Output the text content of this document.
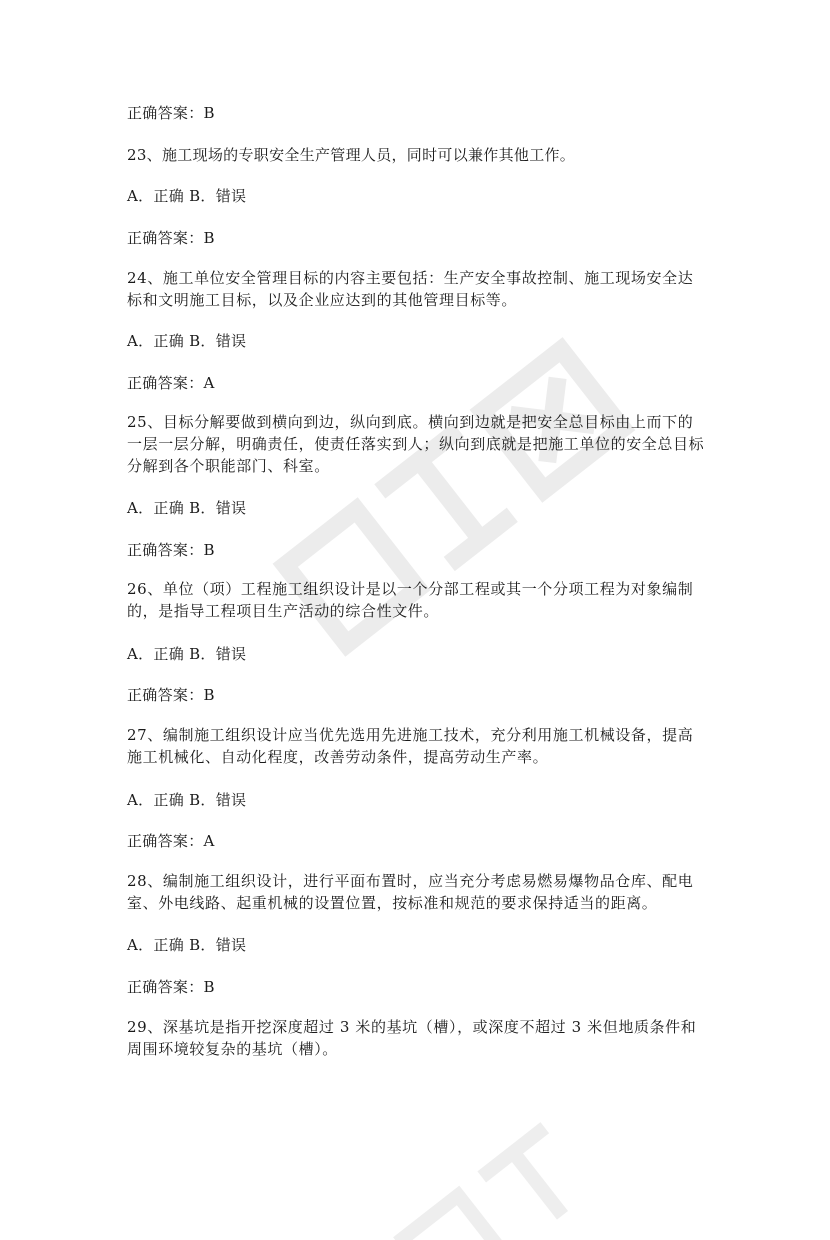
正确答案：B
23、施工现场的专职安全生产管理人员，同时可以兼作其他工作。
A．正确 B．错误
正确答案：B
24、施工单位安全管理目标的内容主要包括：生产安全事故控制、施工现场安全达标和文明施工目标，以及企业应达到的其他管理目标等。
A．正确 B．错误
正确答案：A
25、目标分解要做到横向到边，纵向到底。横向到边就是把安全总目标由上而下的一层一层分解，明确责任，使责任落实到人；纵向到底就是把施工单位的安全总目标分解到各个职能部门、科室。
A．正确 B．错误
正确答案：B
26、单位（项）工程施工组织设计是以一个分部工程或其一个分项工程为对象编制的，是指导工程项目生产活动的综合性文件。
A．正确 B．错误
正确答案：B
27、编制施工组织设计应当优先选用先进施工技术，充分利用施工机械设备，提高施工机械化、自动化程度，改善劳动条件，提高劳动生产率。
A．正确 B．错误
正确答案：A
28、编制施工组织设计，进行平面布置时，应当充分考虑易燃易爆物品仓库、配电室、外电线路、起重机械的设置位置，按标准和规范的要求保持适当的距离。
A．正确 B．错误
正确答案：B
29、深基坑是指开挖深度超过 3 米的基坑（槽），或深度不超过 3 米但地质条件和周围环境较复杂的基坑（槽）。
